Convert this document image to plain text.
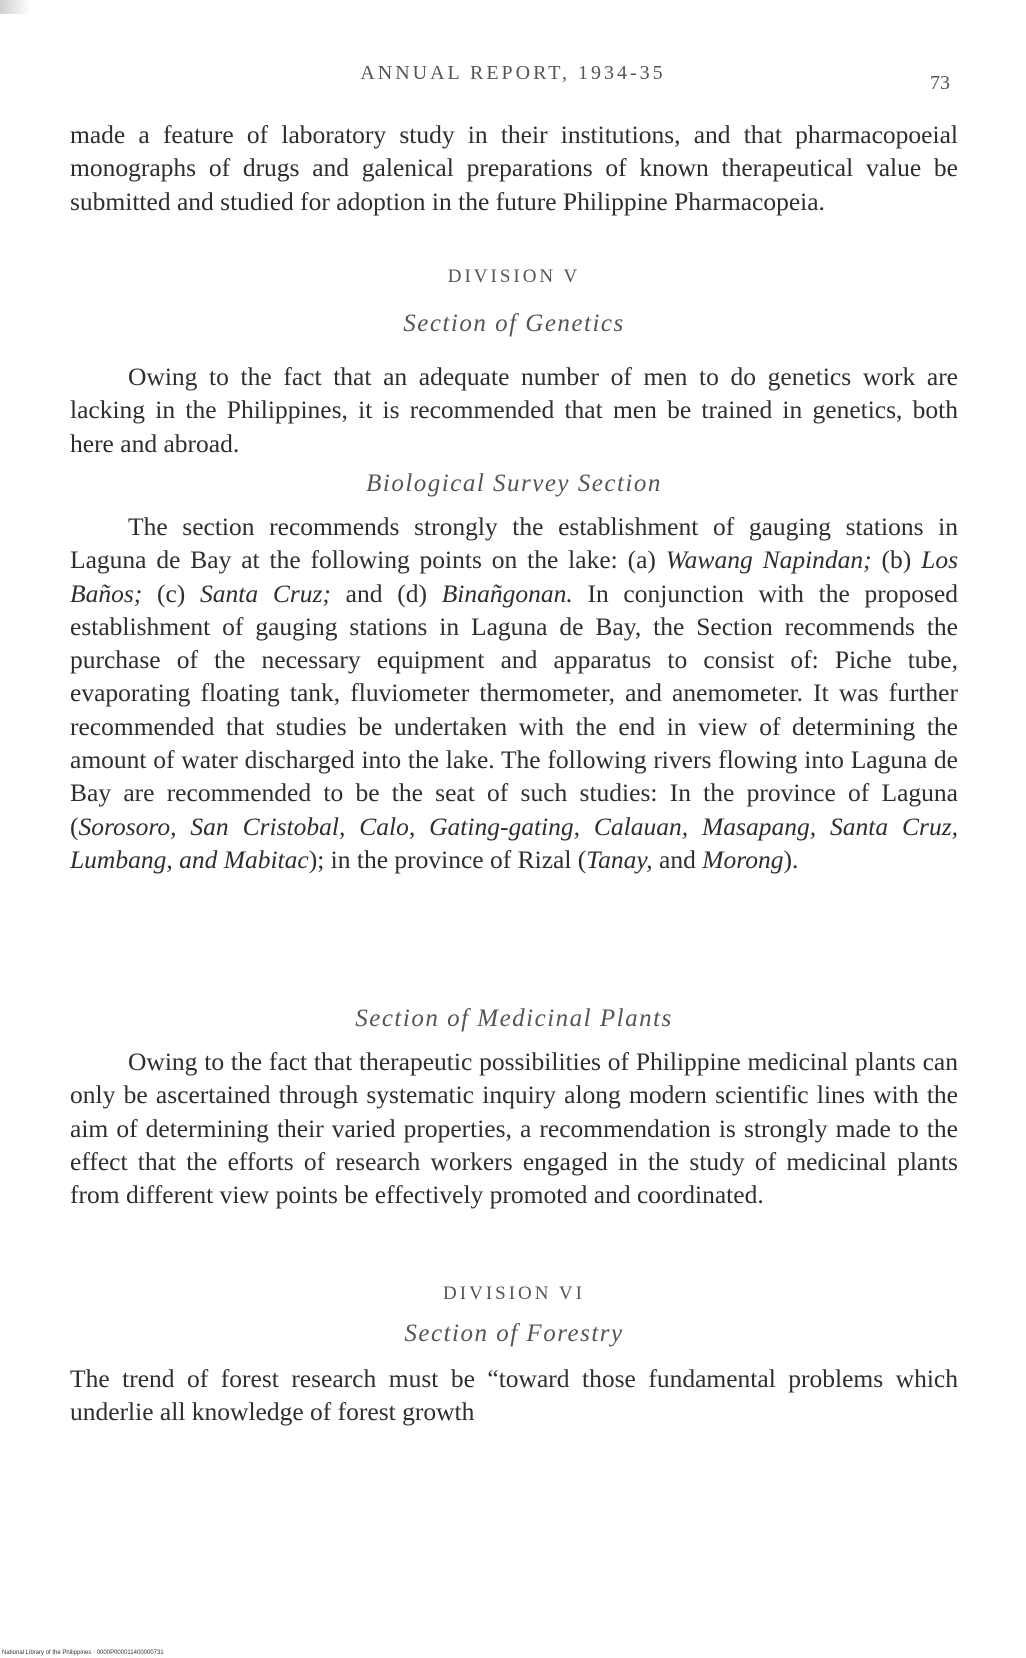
ANNUAL REPORT, 1934-35	73

made a feature of laboratory study in their institutions, and that pharmacopoeial monographs of drugs and galenical preparations of known therapeutical value be submitted and studied for adoption in the future Philippine Pharmacopeia.

DIVISION V

Section of Genetics

Owing to the fact that an adequate number of men to do genetics work are lacking in the Philippines, it is recommended that men be trained in genetics, both here and abroad.

Biological Survey Section

The section recommends strongly the establishment of gauging stations in Laguna de Bay at the following points on the lake: (a) Wawang Napindan; (b) Los Baños; (c) Santa Cruz; and (d) Binañgonan. In conjunction with the proposed establishment of gauging stations in Laguna de Bay, the Section recommends the purchase of the necessary equipment and apparatus to consist of: Piche tube, evaporating floating tank, fluviometer thermometer, and anemometer. It was further recommended that studies be undertaken with the end in view of determining the amount of water discharged into the lake. The following rivers flowing into Laguna de Bay are recommended to be the seat of such studies: In the province of Laguna (Sorosoro, San Cristobal, Calo, Gating-gating, Calauan, Masapang, Santa Cruz, Lumbang, and Mabitac); in the province of Rizal (Tanay, and Morong).

Section of Medicinal Plants

Owing to the fact that therapeutic possibilities of Philippine medicinal plants can only be ascertained through systematic inquiry along modern scientific lines with the aim of determining their varied properties, a recommendation is strongly made to the effect that the efforts of research workers engaged in the study of medicinal plants from different view points be effectively promoted and coordinated.

DIVISION VI

Section of Forestry

The trend of forest research must be “toward those fundamental problems which underlie all knowledge of forest growth

National Library of the Philippines · 0000P000011400000731
